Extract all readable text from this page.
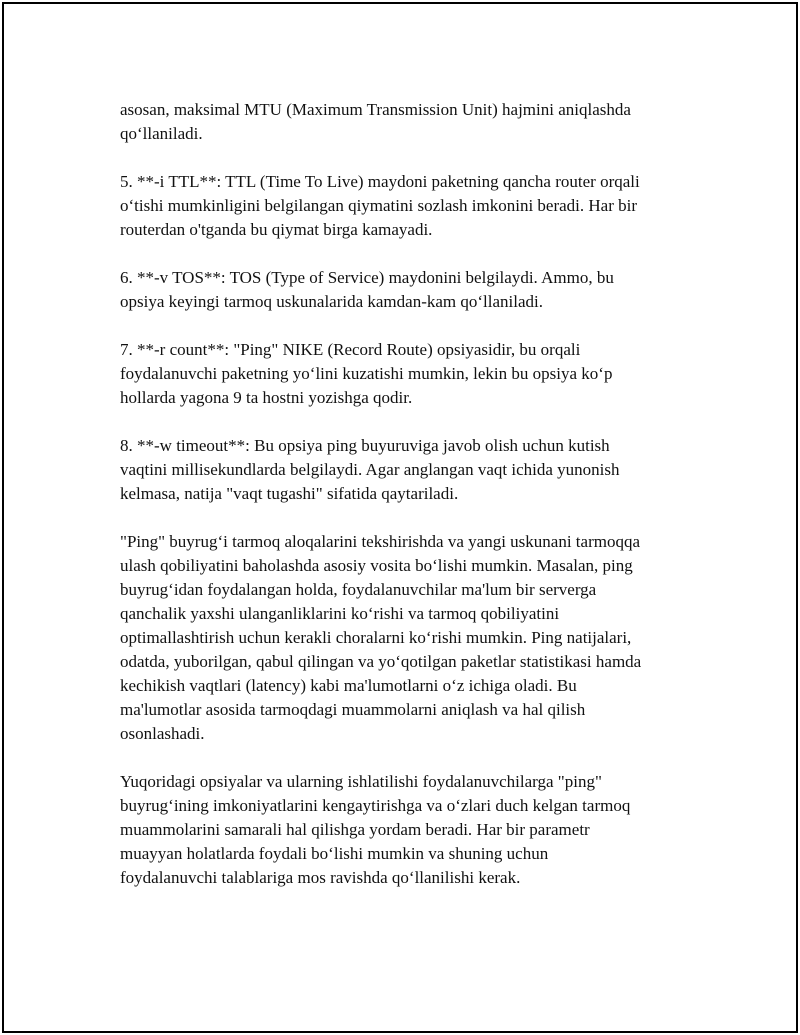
asosan, maksimal MTU (Maximum Transmission Unit) hajmini aniqlashda
qo‘llaniladi.

5. **-i TTL**: TTL (Time To Live) maydoni paketning qancha router orqali
o‘tishi mumkinligini belgilangan qiymatini sozlash imkonini beradi. Har bir
routerdan o'tganda bu qiymat birga kamayadi.

6. **-v TOS**: TOS (Type of Service) maydonini belgilaydi. Ammo, bu
opsiya keyingi tarmoq uskunalarida kamdan-kam qo‘llaniladi.

7. **-r count**: "Ping" NIKE (Record Route) opsiyasidir, bu orqali
foydalanuvchi paketning yo‘lini kuzatishi mumkin, lekin bu opsiya ko‘p
hollarda yagona 9 ta hostni yozishga qodir.

8. **-w timeout**: Bu opsiya ping buyuruviga javob olish uchun kutish
vaqtini millisekundlarda belgilaydi. Agar anglangan vaqt ichida yunonish
kelmasa, natija "vaqt tugashi" sifatida qaytariladi.

"Ping" buyrug‘i tarmoq aloqalarini tekshirishda va yangi uskunani tarmoqqa
ulash qobiliyatini baholashda asosiy vosita bo‘lishi mumkin. Masalan, ping
buyrug‘idan foydalangan holda, foydalanuvchilar ma'lum bir serverga
qanchalik yaxshi ulanganliklarini ko‘rishi va tarmoq qobiliyatini
optimallashtirish uchun kerakli choralarni ko‘rishi mumkin. Ping natijalari,
odatda, yuborilgan, qabul qilingan va yo‘qotilgan paketlar statistikasi hamda
kechikish vaqtlari (latency) kabi ma'lumotlarni o‘z ichiga oladi. Bu
ma'lumotlar asosida tarmoqdagi muammolarni aniqlash va hal qilish
osonlashadi.

Yuqoridagi opsiyalar va ularning ishlatilishi foydalanuvchilarga "ping"
buyrug‘ining imkoniyatlarini kengaytirishga va o‘zlari duch kelgan tarmoq
muammolarini samarali hal qilishga yordam beradi. Har bir parametr
muayyan holatlarda foydali bo‘lishi mumkin va shuning uchun
foydalanuvchi talablariga mos ravishda qo‘llanilishi kerak.
